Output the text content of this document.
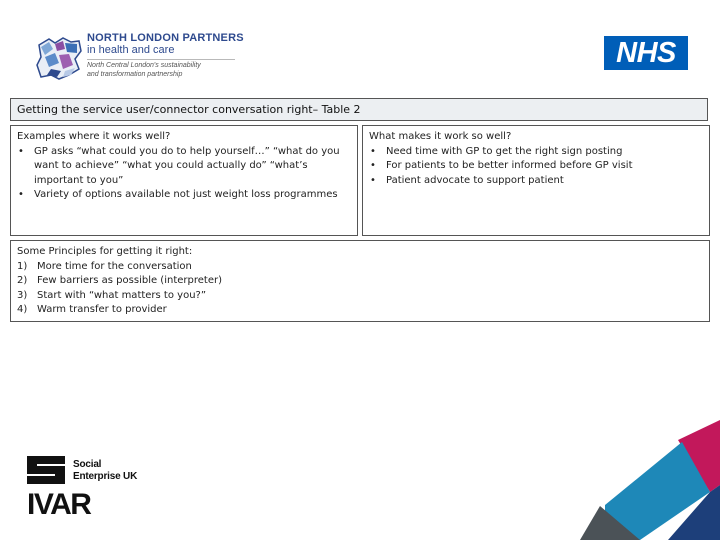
NORTH LONDON PARTNERS
in health and care
North Central London's sustainability
and transformation partnership
NHS
Getting the service user/connector conversation right– Table 2
Examples where it works well?
• GP asks “what could you do to help yourself…” “what do you want to achieve” “what you could actually do” “what’s important to you”
• Variety of options available not just weight loss programmes
What makes it work so well?
• Need time with GP to get the right sign posting
• For patients to be better informed before GP visit
• Patient advocate to support patient
Some Principles for getting it right:
1) More time for the conversation
2) Few barriers as possible (interpreter)
3) Start with “what matters to you?”
4) Warm transfer to provider
Social
Enterprise UK
IVAR
